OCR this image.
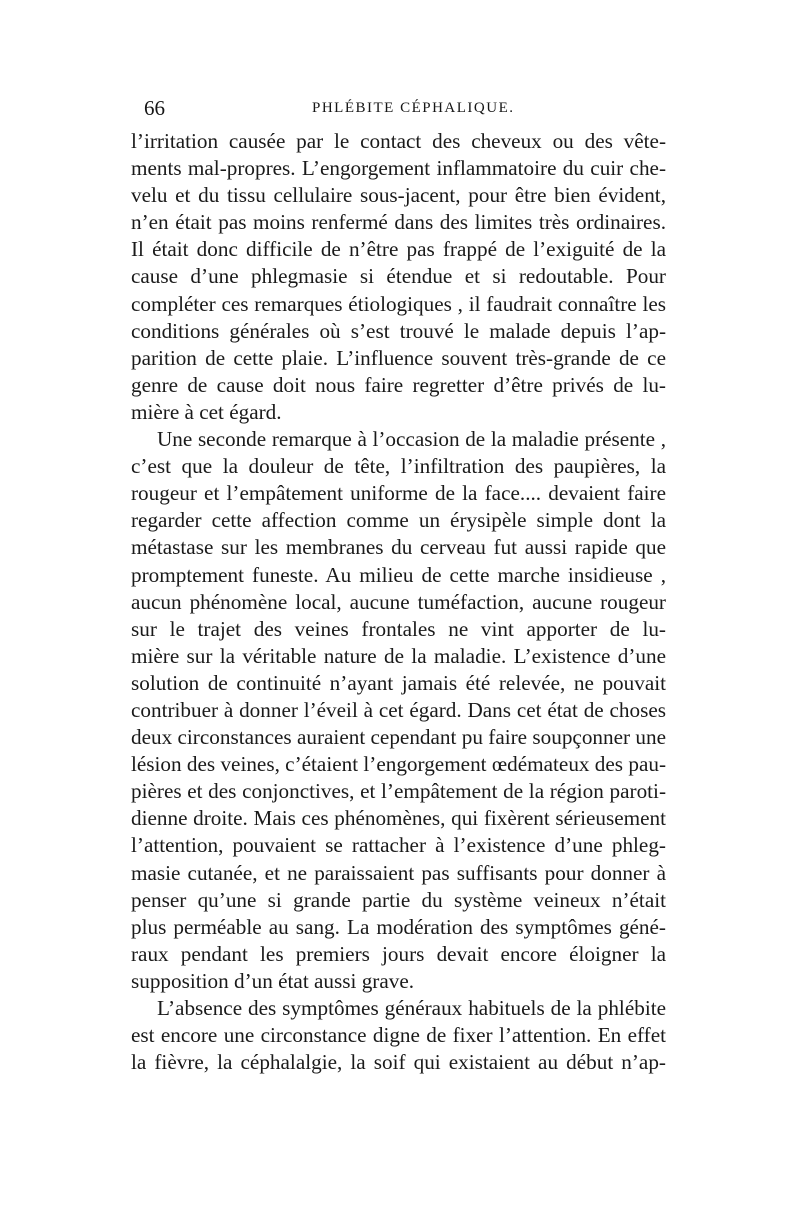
66	PHLÉBITE CÉPHALIQUE.
l’irritation causée par le contact des cheveux ou des vête-
ments mal-propres. L’engorgement inflammatoire du cuir che-
velu et du tissu cellulaire sous-jacent, pour être bien évident,
n’en était pas moins renfermé dans des limites très ordinaires.
Il était donc difficile de n’être pas frappé de l’exiguité de la
cause d’une phlegmasie si étendue et si redoutable. Pour
compléter ces remarques étiologiques , il faudrait connaître les
conditions générales où s’est trouvé le malade depuis l’ap-
parition de cette plaie. L’influence souvent très-grande de ce
genre de cause doit nous faire regretter d’être privés de lu-
mière à cet égard.
Une seconde remarque à l’occasion de la maladie présente ,
c’est que la douleur de tête, l’infiltration des paupières, la
rougeur et l’empâtement uniforme de la face.... devaient faire
regarder cette affection comme un érysipèle simple dont la
métastase sur les membranes du cerveau fut aussi rapide que
promptement funeste. Au milieu de cette marche insidieuse ,
aucun phénomène local, aucune tuméfaction, aucune rougeur
sur le trajet des veines frontales ne vint apporter de lu-
mière sur la véritable nature de la maladie. L’existence d’une
solution de continuité n’ayant jamais été relevée, ne pouvait
contribuer à donner l’éveil à cet égard. Dans cet état de choses
deux circonstances auraient cependant pu faire soupçonner une
lésion des veines, c’étaient l’engorgement œdémateux des pau-
pières et des conjonctives, et l’empâtement de la région paroti-
dienne droite. Mais ces phénomènes, qui fixèrent sérieusement
l’attention, pouvaient se rattacher à l’existence d’une phleg-
masie cutanée, et ne paraissaient pas suffisants pour donner à
penser qu’une si grande partie du système veineux n’était
plus perméable au sang. La modération des symptômes géné-
raux pendant les premiers jours devait encore éloigner la
supposition d’un état aussi grave.
L’absence des symptômes généraux habituels de la phlébite
est encore une circonstance digne de fixer l’attention. En effet
la fièvre, la céphalalgie, la soif qui existaient au début n’ap-
